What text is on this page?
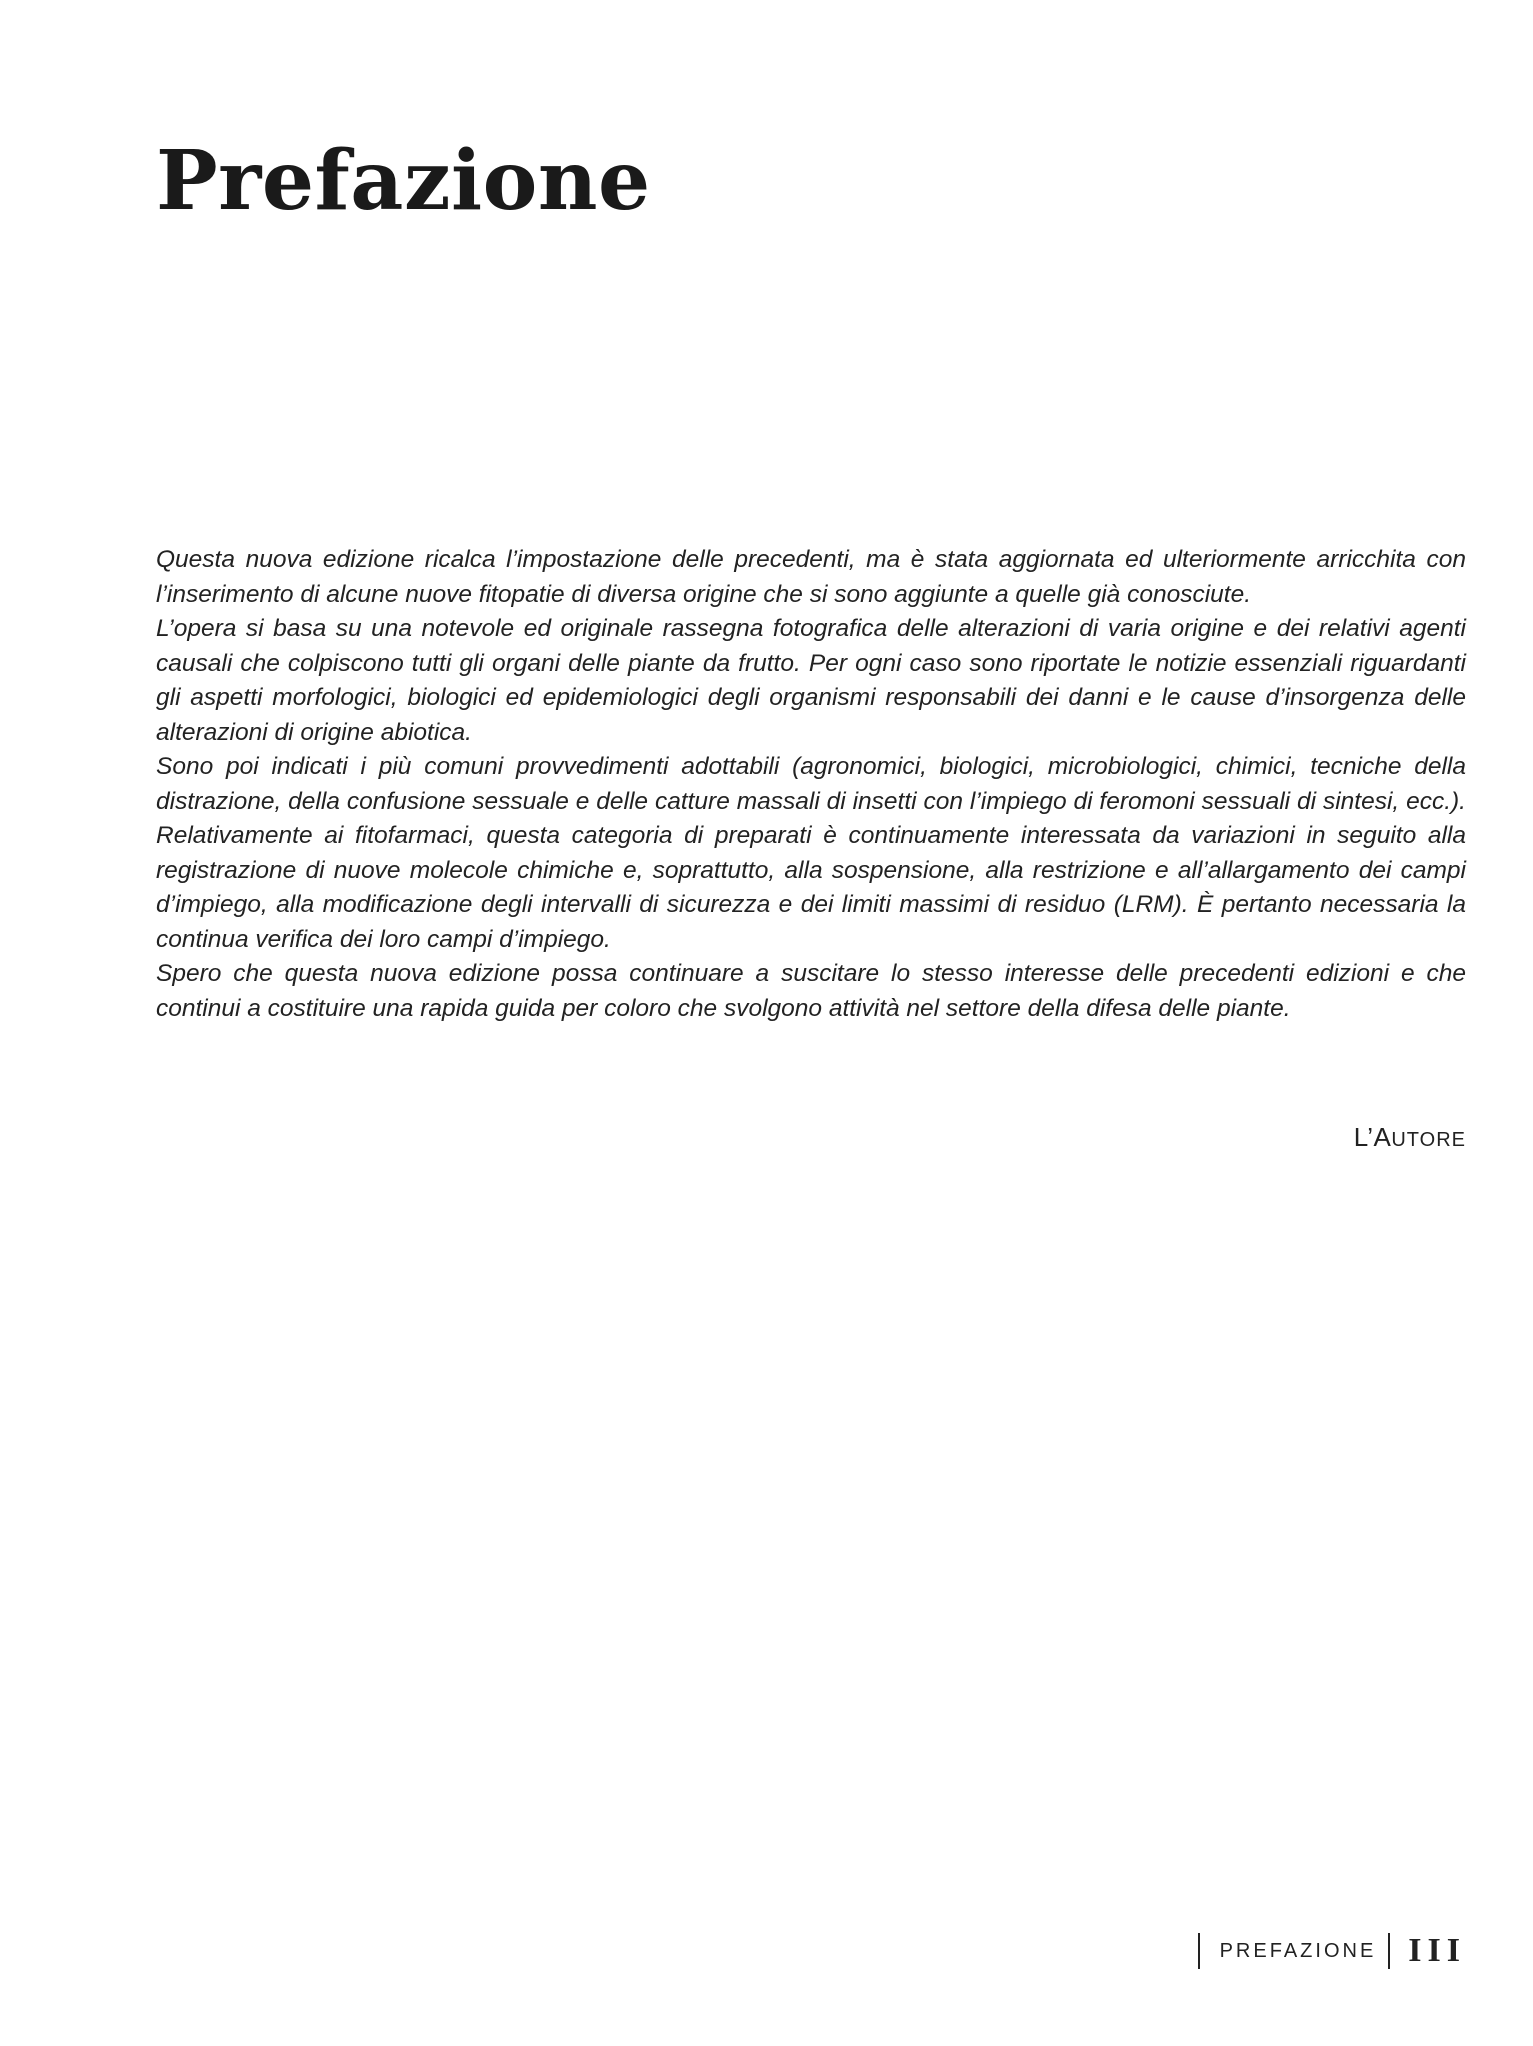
Prefazione

Questa nuova edizione ricalca l’impostazione delle precedenti, ma è stata aggiornata ed ulteriormente arricchita con l’inserimento di alcune nuove fitopatie di diversa origine che si sono aggiunte a quelle già conosciute.

L’opera si basa su una notevole ed originale rassegna fotografica delle alterazioni di varia origine e dei relativi agenti causali che colpiscono tutti gli organi delle piante da frutto. Per ogni caso sono riportate le notizie essenziali riguardanti gli aspetti morfologici, biologici ed epidemiologici degli organismi responsabili dei danni e le cause d’insorgenza delle alterazioni di origine abiotica.

Sono poi indicati i più comuni provvedimenti adottabili (agronomici, biologici, microbiologici, chimici, tecniche della distrazione, della confusione sessuale e delle catture massali di insetti con l’impiego di feromoni sessuali di sintesi, ecc.). Relativamente ai fitofarmaci, questa categoria di preparati è continuamente interessata da variazioni in seguito alla registrazione di nuove molecole chimiche e, soprattutto, alla sospensione, alla restrizione e all’allargamento dei campi d’impiego, alla modificazione degli intervalli di sicurezza e dei limiti massimi di residuo (LRM). È pertanto necessaria la continua verifica dei loro campi d’impiego.

Spero che questa nuova edizione possa continuare a suscitare lo stesso interesse delle precedenti edizioni e che continui a costituire una rapida guida per coloro che svolgono attività nel settore della difesa delle piante.

L’AUTORE
PREFAZIONE III
